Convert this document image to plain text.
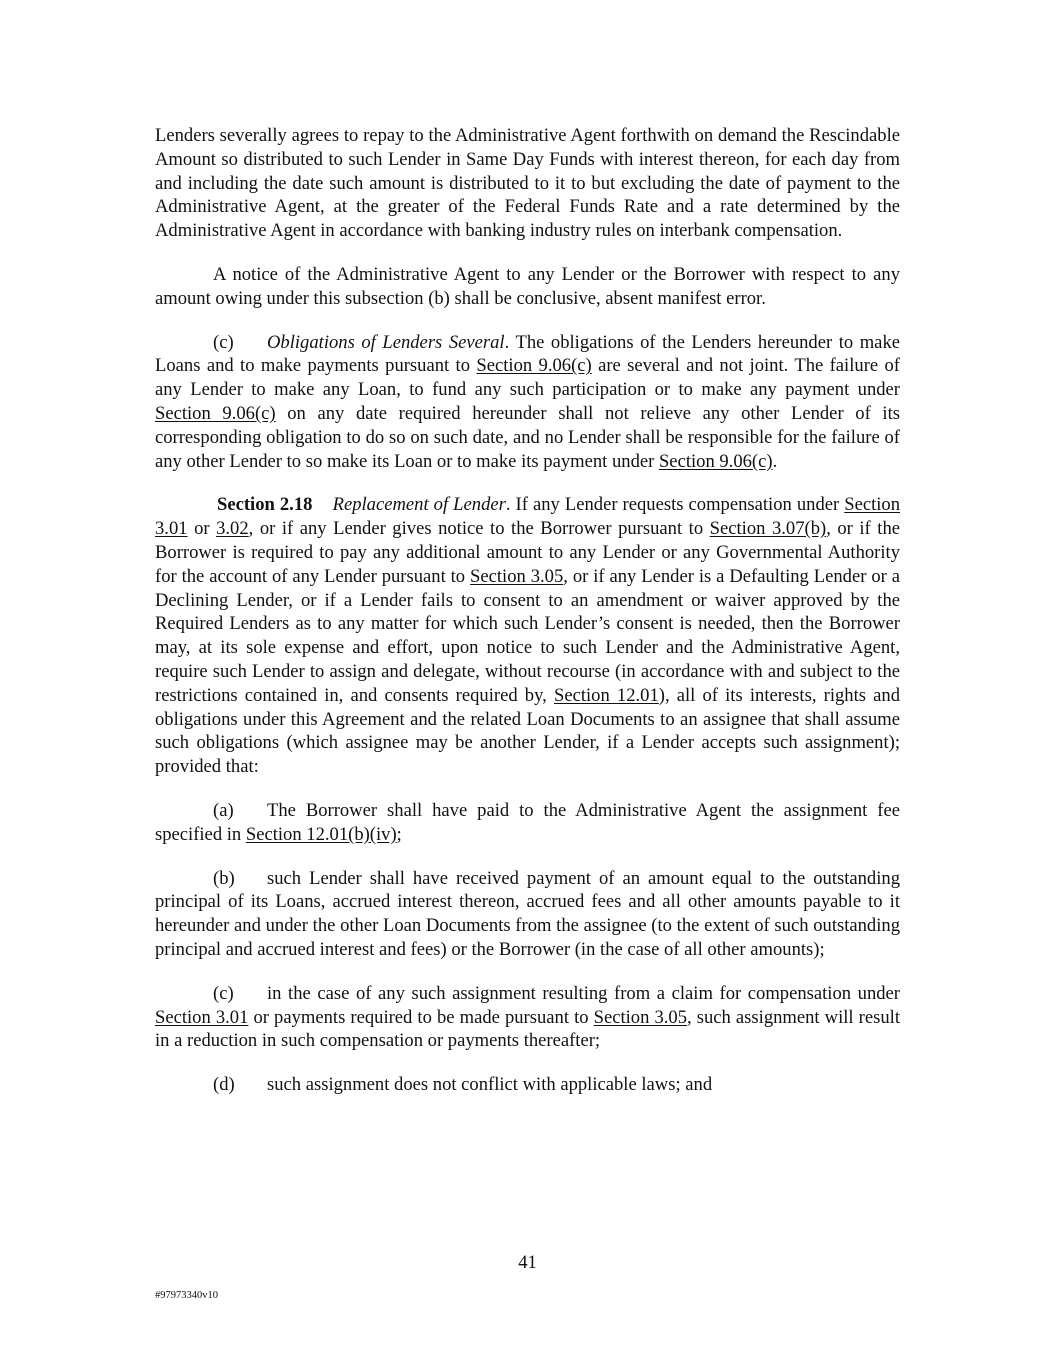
Lenders severally agrees to repay to the Administrative Agent forthwith on demand the Rescindable Amount so distributed to such Lender in Same Day Funds with interest thereon, for each day from and including the date such amount is distributed to it to but excluding the date of payment to the Administrative Agent, at the greater of the Federal Funds Rate and a rate determined by the Administrative Agent in accordance with banking industry rules on interbank compensation.

A notice of the Administrative Agent to any Lender or the Borrower with respect to any amount owing under this subsection (b) shall be conclusive, absent manifest error.

(c) Obligations of Lenders Several. The obligations of the Lenders hereunder to make Loans and to make payments pursuant to Section 9.06(c) are several and not joint. The failure of any Lender to make any Loan, to fund any such participation or to make any payment under Section 9.06(c) on any date required hereunder shall not relieve any other Lender of its corresponding obligation to do so on such date, and no Lender shall be responsible for the failure of any other Lender to so make its Loan or to make its payment under Section 9.06(c).

Section 2.18 Replacement of Lender. If any Lender requests compensation under Section 3.01 or 3.02, or if any Lender gives notice to the Borrower pursuant to Section 3.07(b), or if the Borrower is required to pay any additional amount to any Lender or any Governmental Authority for the account of any Lender pursuant to Section 3.05, or if any Lender is a Defaulting Lender or a Declining Lender, or if a Lender fails to consent to an amendment or waiver approved by the Required Lenders as to any matter for which such Lender’s consent is needed, then the Borrower may, at its sole expense and effort, upon notice to such Lender and the Administrative Agent, require such Lender to assign and delegate, without recourse (in accordance with and subject to the restrictions contained in, and consents required by, Section 12.01), all of its interests, rights and obligations under this Agreement and the related Loan Documents to an assignee that shall assume such obligations (which assignee may be another Lender, if a Lender accepts such assignment); provided that:

(a) The Borrower shall have paid to the Administrative Agent the assignment fee specified in Section 12.01(b)(iv);

(b) such Lender shall have received payment of an amount equal to the outstanding principal of its Loans, accrued interest thereon, accrued fees and all other amounts payable to it hereunder and under the other Loan Documents from the assignee (to the extent of such outstanding principal and accrued interest and fees) or the Borrower (in the case of all other amounts);

(c) in the case of any such assignment resulting from a claim for compensation under Section 3.01 or payments required to be made pursuant to Section 3.05, such assignment will result in a reduction in such compensation or payments thereafter;

(d) such assignment does not conflict with applicable laws; and

41
#97973340v10
